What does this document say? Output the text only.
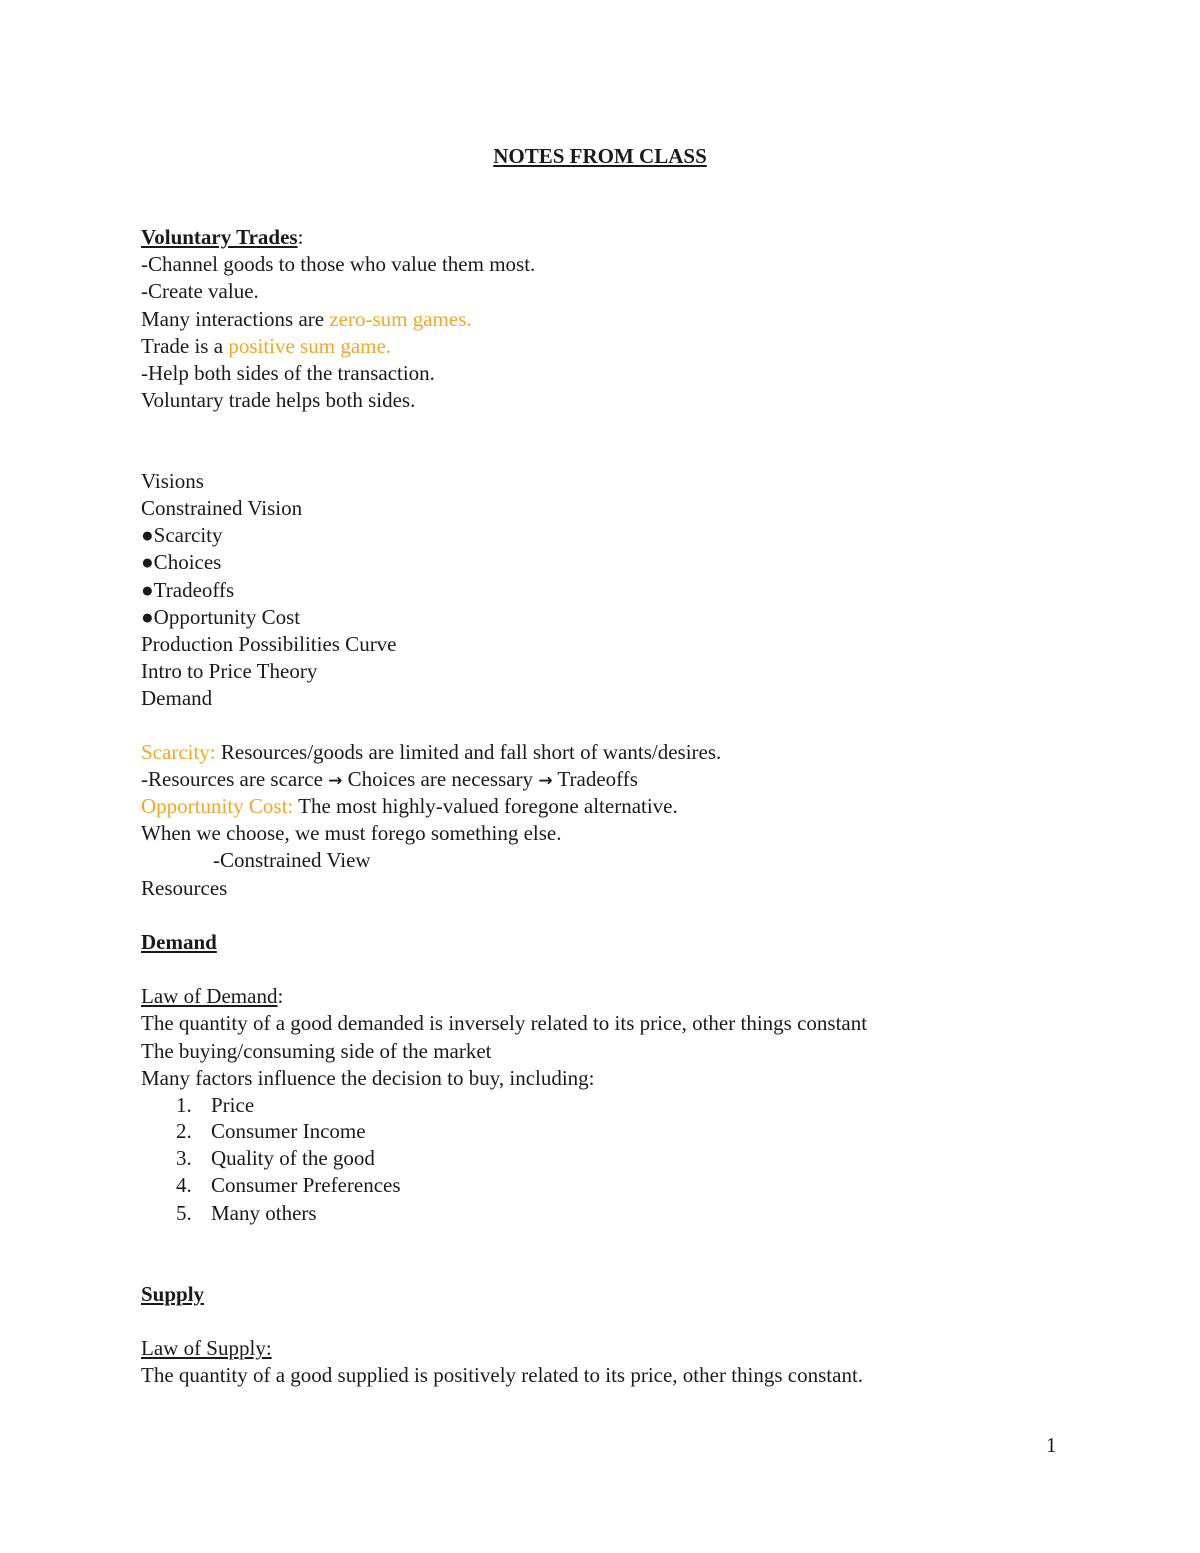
NOTES FROM CLASS
Voluntary Trades:
-Channel goods to those who value them most.
-Create value.
Many interactions are zero-sum games.
Trade is a positive sum game.
-Help both sides of the transaction.
Voluntary trade helps both sides.
Visions
Constrained Vision
●Scarcity
●Choices
●Tradeoffs
●Opportunity Cost
Production Possibilities Curve
Intro to Price Theory
Demand
Scarcity: Resources/goods are limited and fall short of wants/desires.
-Resources are scarce → Choices are necessary → Tradeoffs
Opportunity Cost: The most highly-valued foregone alternative.
When we choose, we must forego something else.
-Constrained View
Resources
Demand
Law of Demand:
The quantity of a good demanded is inversely related to its price, other things constant
The buying/consuming side of the market
Many factors influence the decision to buy, including:
1. Price
2. Consumer Income
3. Quality of the good
4. Consumer Preferences
5. Many others
Supply
Law of Supply:
The quantity of a good supplied is positively related to its price, other things constant.
1
